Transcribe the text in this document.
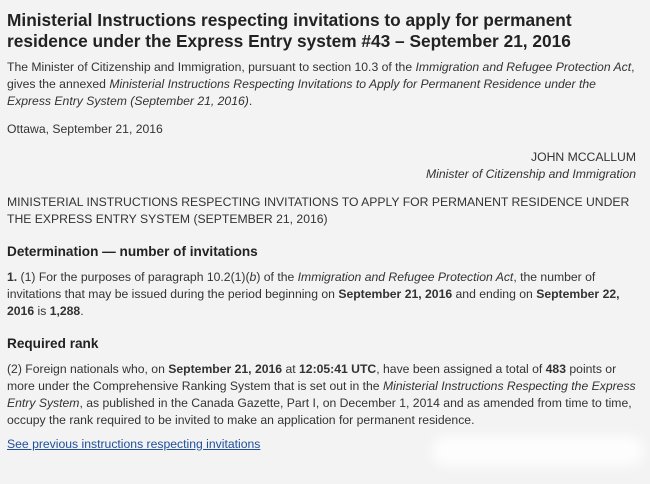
Ministerial Instructions respecting invitations to apply for permanent residence under the Express Entry system #43 – September 21, 2016

The Minister of Citizenship and Immigration, pursuant to section 10.3 of the Immigration and Refugee Protection Act, gives the annexed Ministerial Instructions Respecting Invitations to Apply for Permanent Residence under the Express Entry System (September 21, 2016).

Ottawa, September 21, 2016

JOHN MCCALLUM
Minister of Citizenship and Immigration

MINISTERIAL INSTRUCTIONS RESPECTING INVITATIONS TO APPLY FOR PERMANENT RESIDENCE UNDER THE EXPRESS ENTRY SYSTEM (SEPTEMBER 21, 2016)

Determination — number of invitations

1. (1) For the purposes of paragraph 10.2(1)(b) of the Immigration and Refugee Protection Act, the number of invitations that may be issued during the period beginning on September 21, 2016 and ending on September 22, 2016 is 1,288.

Required rank

(2) Foreign nationals who, on September 21, 2016 at 12:05:41 UTC, have been assigned a total of 483 points or more under the Comprehensive Ranking System that is set out in the Ministerial Instructions Respecting the Express Entry System, as published in the Canada Gazette, Part I, on December 1, 2014 and as amended from time to time, occupy the rank required to be invited to make an application for permanent residence.

See previous instructions respecting invitations
